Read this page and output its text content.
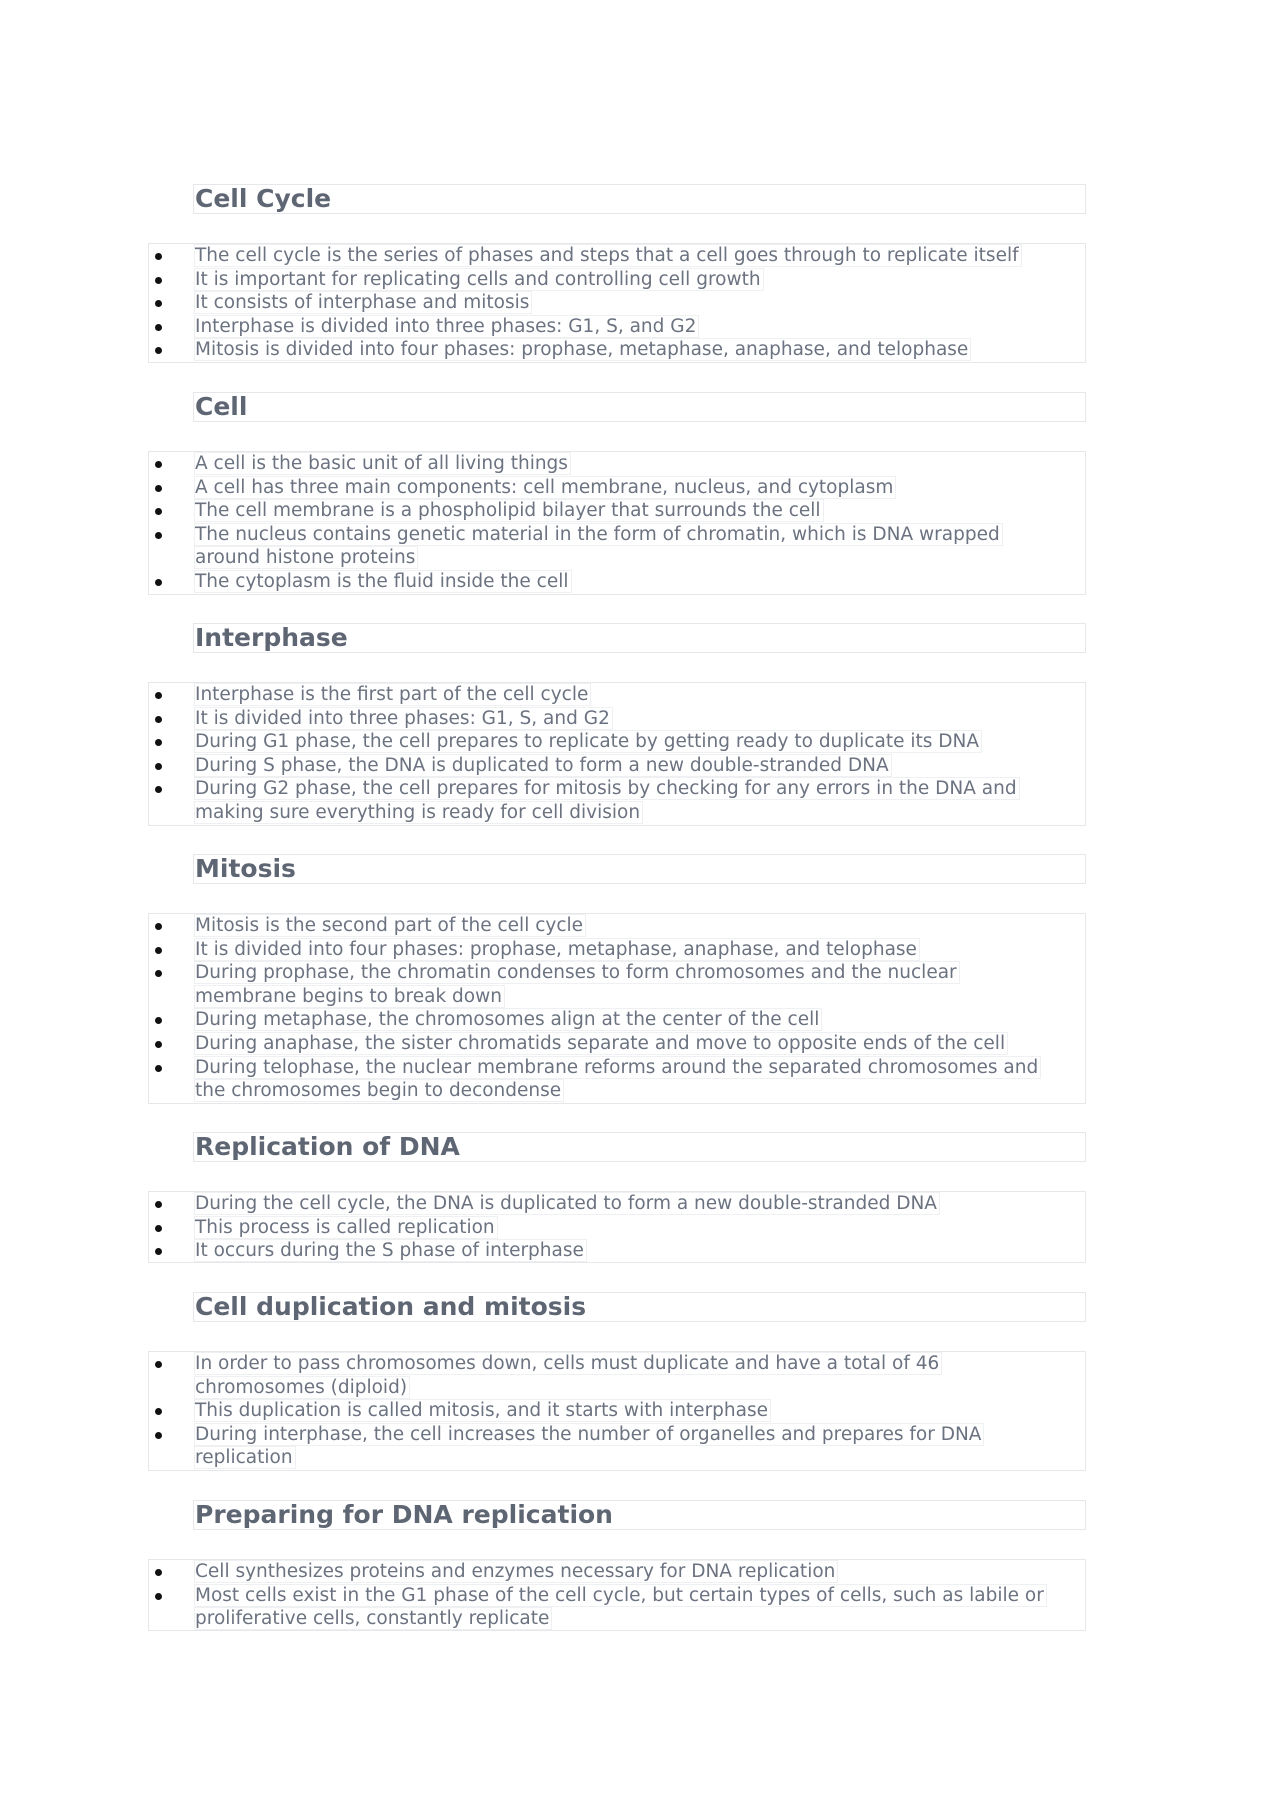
Cell Cycle
The cell cycle is the series of phases and steps that a cell goes through to replicate itself
It is important for replicating cells and controlling cell growth
It consists of interphase and mitosis
Interphase is divided into three phases: G1, S, and G2
Mitosis is divided into four phases: prophase, metaphase, anaphase, and telophase
Cell
A cell is the basic unit of all living things
A cell has three main components: cell membrane, nucleus, and cytoplasm
The cell membrane is a phospholipid bilayer that surrounds the cell
The nucleus contains genetic material in the form of chromatin, which is DNA wrapped
around histone proteins
The cytoplasm is the fluid inside the cell
Interphase
Interphase is the first part of the cell cycle
It is divided into three phases: G1, S, and G2
During G1 phase, the cell prepares to replicate by getting ready to duplicate its DNA
During S phase, the DNA is duplicated to form a new double-stranded DNA
During G2 phase, the cell prepares for mitosis by checking for any errors in the DNA and
making sure everything is ready for cell division
Mitosis
Mitosis is the second part of the cell cycle
It is divided into four phases: prophase, metaphase, anaphase, and telophase
During prophase, the chromatin condenses to form chromosomes and the nuclear
membrane begins to break down
During metaphase, the chromosomes align at the center of the cell
During anaphase, the sister chromatids separate and move to opposite ends of the cell
During telophase, the nuclear membrane reforms around the separated chromosomes and
the chromosomes begin to decondense
Replication of DNA
During the cell cycle, the DNA is duplicated to form a new double-stranded DNA
This process is called replication
It occurs during the S phase of interphase
Cell duplication and mitosis
In order to pass chromosomes down, cells must duplicate and have a total of 46
chromosomes (diploid)
This duplication is called mitosis, and it starts with interphase
During interphase, the cell increases the number of organelles and prepares for DNA
replication
Preparing for DNA replication
Cell synthesizes proteins and enzymes necessary for DNA replication
Most cells exist in the G1 phase of the cell cycle, but certain types of cells, such as labile or
proliferative cells, constantly replicate
